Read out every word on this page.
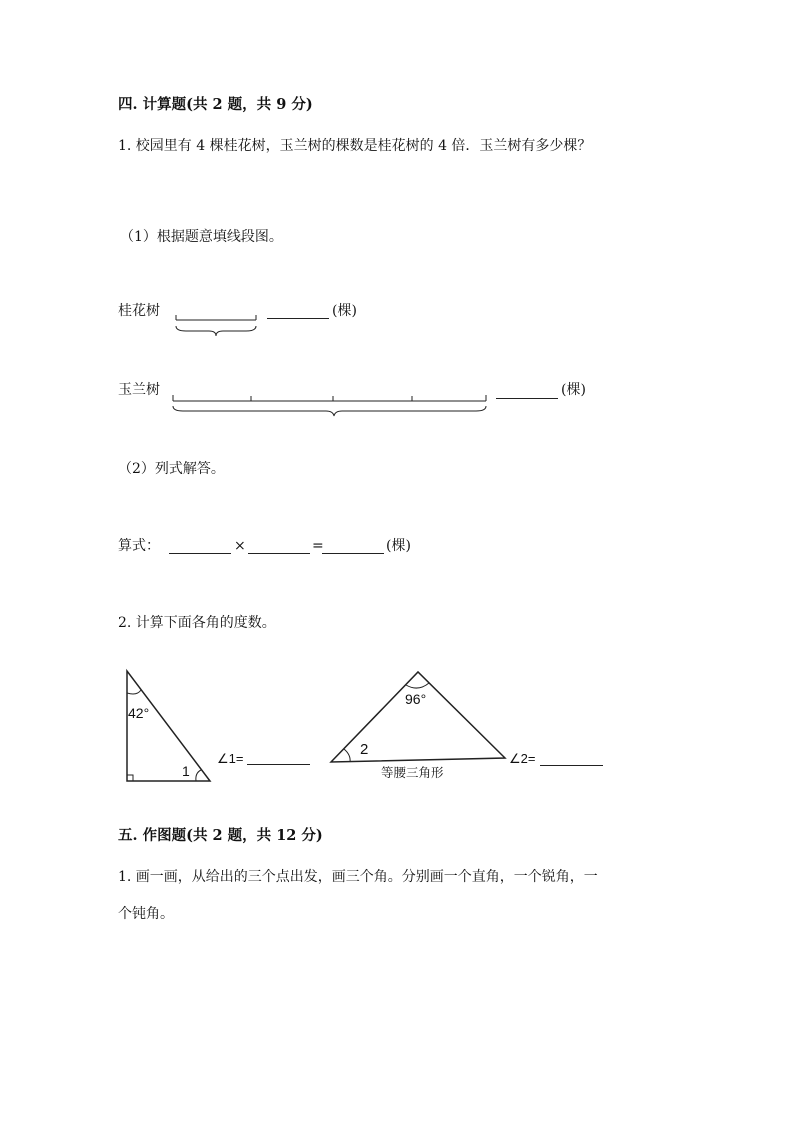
四. 计算题(共 2 题，共 9 分)
1. 校园里有 4 棵桂花树，玉兰树的棵数是桂花树的 4 倍．玉兰树有多少棵？
（1）根据题意填线段图。
桂花树
玉兰树
(棵)
(棵)
（2）列式解答。
算式：	×	=	(棵)
2. 计算下面各角的度数。
42°
1
96°
2
等腰三角形
∠1=	∠2=
五. 作图题(共 2 题，共 12 分)
1. 画一画，从给出的三个点出发，画三个角。分别画一个直角，一个锐角，一
个钝角。
